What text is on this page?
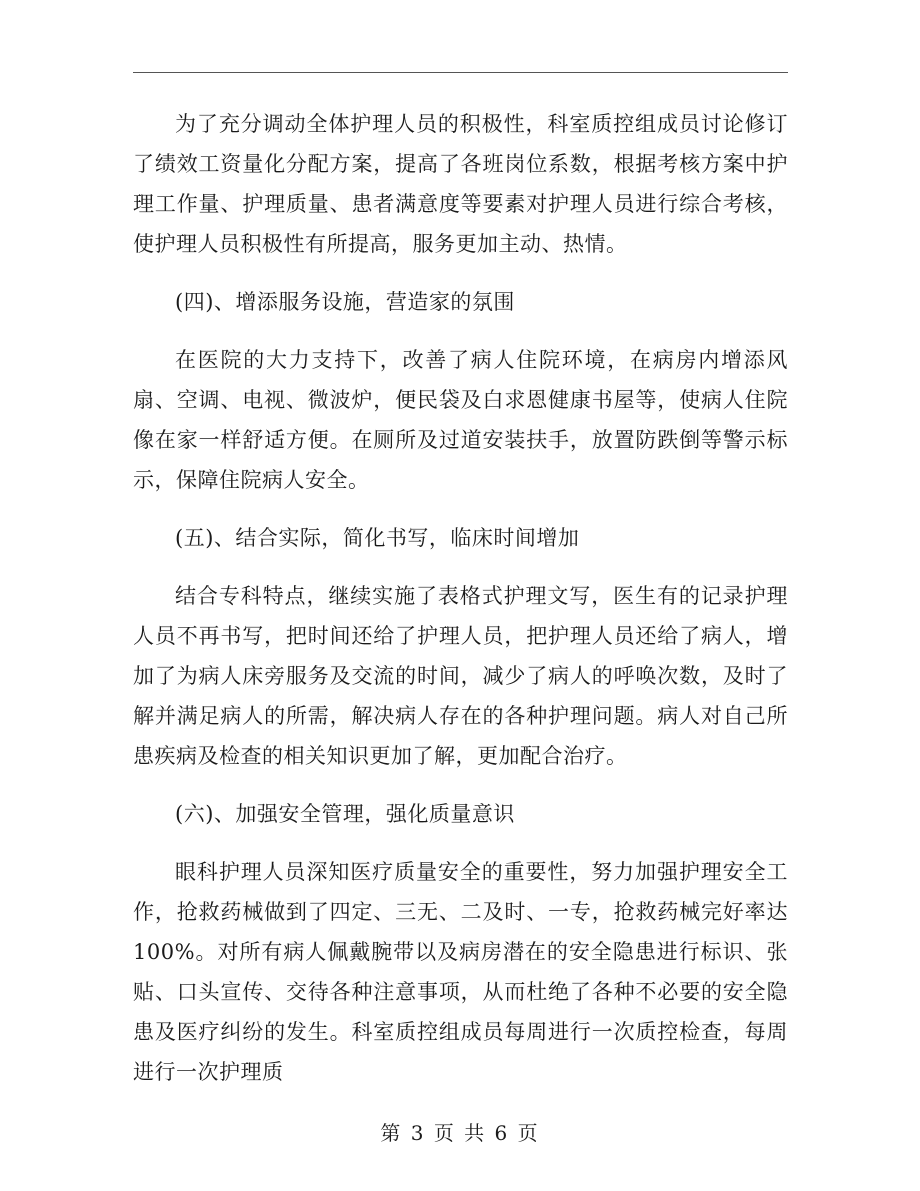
为了充分调动全体护理人员的积极性，科室质控组成员讨论修订了绩效工资量化分配方案，提高了各班岗位系数，根据考核方案中护理工作量、护理质量、患者满意度等要素对护理人员进行综合考核，使护理人员积极性有所提高，服务更加主动、热情。

(四)、增添服务设施，营造家的氛围

在医院的大力支持下，改善了病人住院环境，在病房内增添风扇、空调、电视、微波炉，便民袋及白求恩健康书屋等，使病人住院像在家一样舒适方便。在厕所及过道安装扶手，放置防跌倒等警示标示，保障住院病人安全。

(五)、结合实际，简化书写，临床时间增加

结合专科特点，继续实施了表格式护理文写，医生有的记录护理人员不再书写，把时间还给了护理人员，把护理人员还给了病人，增加了为病人床旁服务及交流的时间，减少了病人的呼唤次数，及时了解并满足病人的所需，解决病人存在的各种护理问题。病人对自己所患疾病及检查的相关知识更加了解，更加配合治疗。

(六)、加强安全管理，强化质量意识

眼科护理人员深知医疗质量安全的重要性，努力加强护理安全工作，抢救药械做到了四定、三无、二及时、一专，抢救药械完好率达 100%。对所有病人佩戴腕带以及病房潜在的安全隐患进行标识、张贴、口头宣传、交待各种注意事项，从而杜绝了各种不必要的安全隐患及医疗纠纷的发生。科室质控组成员每周进行一次质控检查，每周进行一次护理质

第 3 页 共 6 页
